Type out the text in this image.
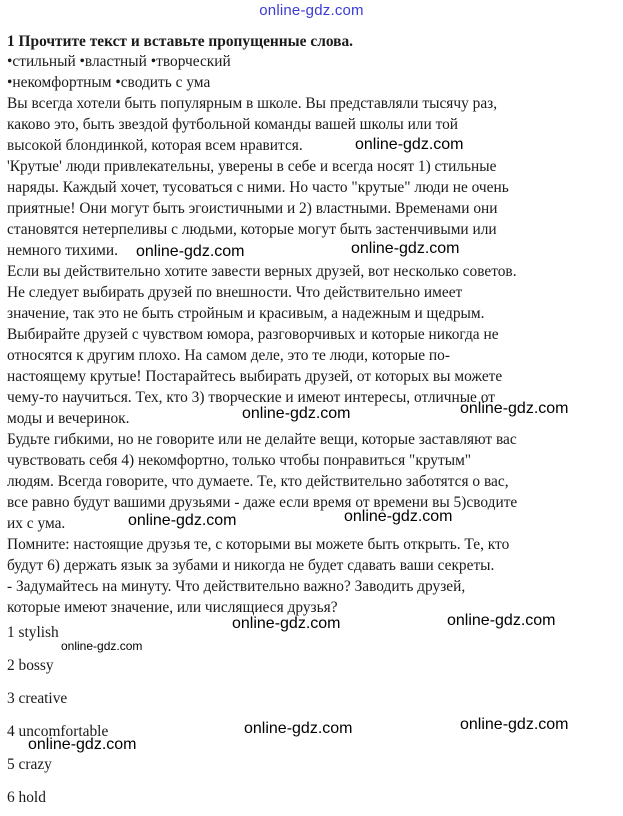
online-gdz.com
1 Прочтите текст и вставьте пропущенные слова.
•стильный •властный •творческий
•некомфортным •сводить с ума
Вы всегда хотели быть популярным в школе. Вы представляли тысячу раз,
каково это, быть звездой футбольной команды вашей школы или той
высокой блондинкой, которая всем нравится.
'Крутые' люди привлекательны, уверены в себе и всегда носят 1) стильные
наряды. Каждый хочет, тусоваться с ними. Но часто "крутые" люди не очень
приятные! Они могут быть эгоистичными и 2) властными. Временами они
становятся нетерпеливы с людьми, которые могут быть застенчивыми или
немного тихими.
Если вы действительно хотите завести верных друзей, вот несколько советов.
Не следует выбирать друзей по внешности. Что действительно имеет
значение, так это не быть стройным и красивым, а надежным и щедрым.
Выбирайте друзей с чувством юмора, разговорчивых и которые никогда не
относятся к другим плохо. На самом деле, это те люди, которые по-
настоящему крутые! Постарайтесь выбирать друзей, от которых вы можете
чему-то научиться. Тех, кто 3) творческие и имеют интересы, отличные от
моды и вечеринок.
Будьте гибкими, но не говорите или не делайте вещи, которые заставляют вас
чувствовать себя 4) некомфортно, только чтобы понравиться "крутым"
людям. Всегда говорите, что думаете. Те, кто действительно заботятся о вас,
все равно будут вашими друзьями - даже если время от времени вы 5)сводите
их с ума.
Помните: настоящие друзья те, с которыми вы можете быть открыть. Те, кто
будут 6) держать язык за зубами и никогда не будет сдавать ваши секреты.
- Задумайтесь на минуту. Что действительно важно? Заводить друзей,
которые имеют значение, или числящиеся друзья?
1 stylish
2 bossy
3 creative
4 uncomfortable
5 crazy
6 hold
online-gdz.com
online-gdz.com	online-gdz.com
online-gdz.com	online-gdz.com
online-gdz.com	online-gdz.com
online-gdz.com	online-gdz.com
online-gdz.com
online-gdz.com	online-gdz.com
online-gdz.com
